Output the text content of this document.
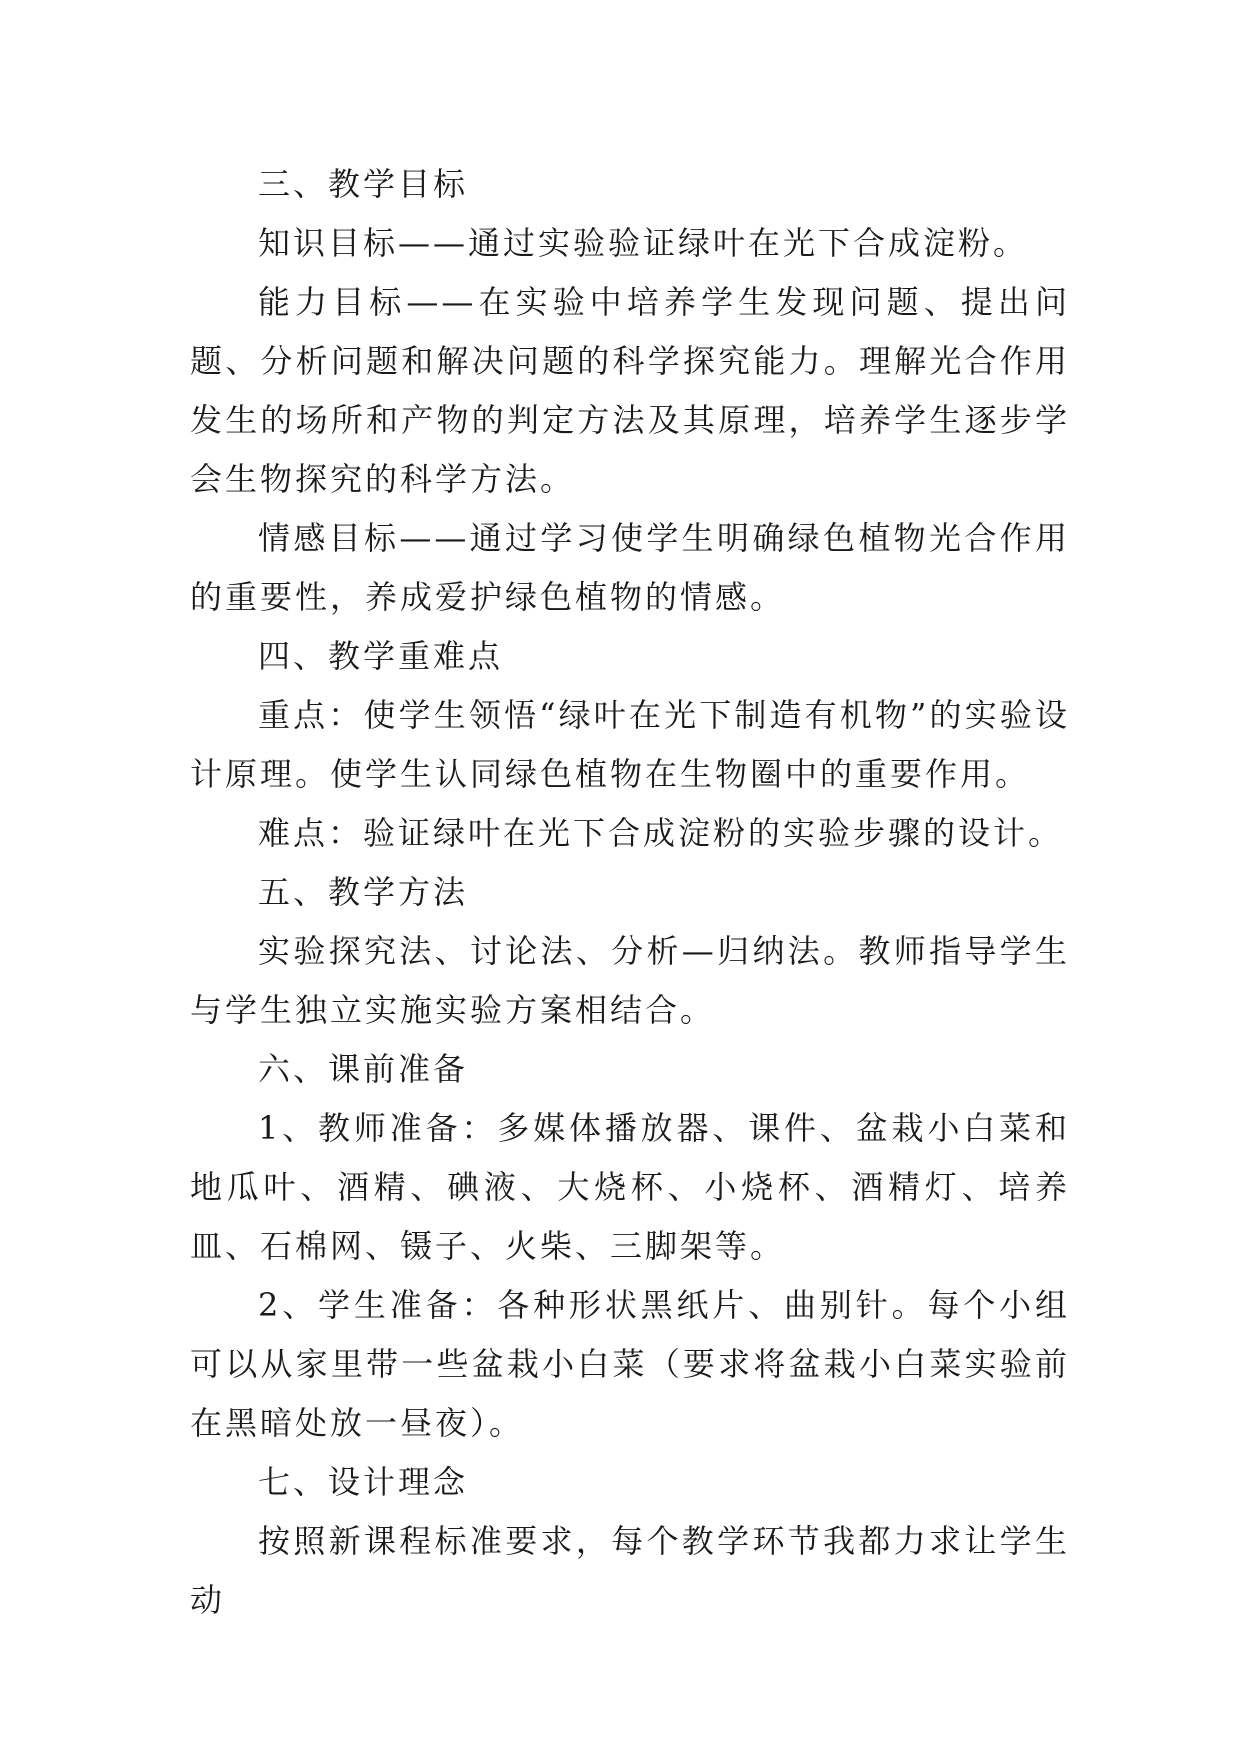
三、教学目标

知识目标——通过实验验证绿叶在光下合成淀粉。

能力目标——在实验中培养学生发现问题、提出问题、分析问题和解决问题的科学探究能力。理解光合作用发生的场所和产物的判定方法及其原理，培养学生逐步学会生物探究的科学方法。

情感目标——通过学习使学生明确绿色植物光合作用的重要性，养成爱护绿色植物的情感。

四、教学重难点

重点：使学生领悟“绿叶在光下制造有机物”的实验设计原理。使学生认同绿色植物在生物圈中的重要作用。

难点：验证绿叶在光下合成淀粉的实验步骤的设计。

五、教学方法

实验探究法、讨论法、分析—归纳法。教师指导学生与学生独立实施实验方案相结合。

六、课前准备

1、教师准备：多媒体播放器、课件、盆栽小白菜和地瓜叶、酒精、碘液、大烧杯、小烧杯、酒精灯、培养皿、石棉网、镊子、火柴、三脚架等。

2、学生准备：各种形状黑纸片、曲别针。每个小组可以从家里带一些盆栽小白菜（要求将盆栽小白菜实验前在黑暗处放一昼夜）。

七、设计理念

按照新课程标准要求，每个教学环节我都力求让学生动
